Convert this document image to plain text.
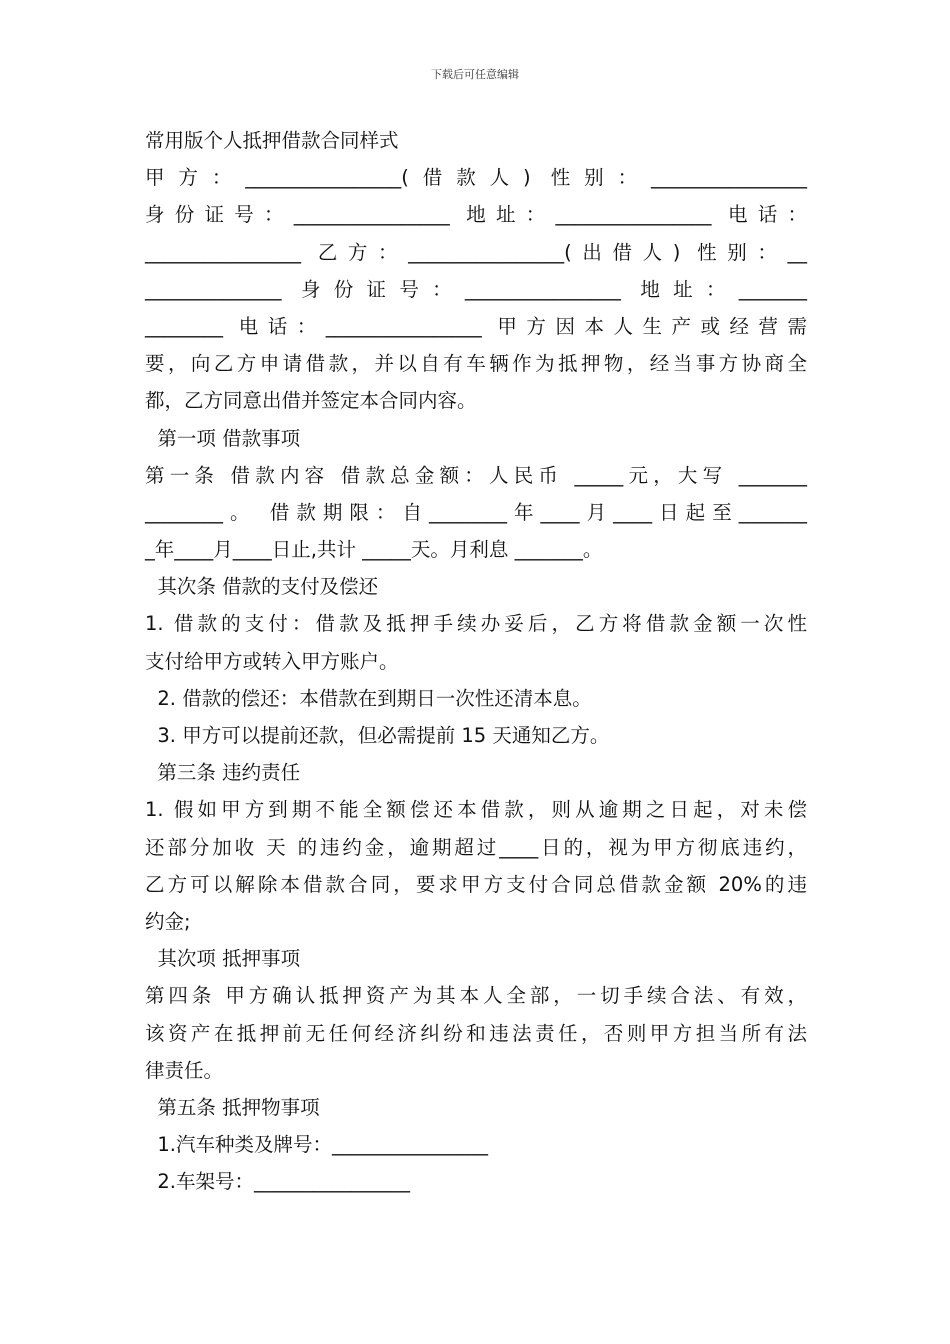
下载后可任意编辑
常用版个人抵押借款合同样式
甲方：________________(借款人) 性别：________________
身份证号：________________ 地址：________________ 电话：
________________ 乙方：________________(出借人) 性别：__
______________ 身份证号：________________ 地址：_______
________ 电话：________________ 甲方因本人生产或经营需
要，向乙方申请借款，并以自有车辆作为抵押物，经当事方协商全
都，乙方同意出借并签定本合同内容。
第一项 借款事项
第一条 借款内容 借款总金额：人民币 _____元，大写 _______
________。 借款期限：自________年____月____日起至_______
_年____月____日止,共计 _____天。月利息 _______。
其次条 借款的支付及偿还
1. 借款的支付：借款及抵押手续办妥后，乙方将借款金额一次性
支付给甲方或转入甲方账户。
2. 借款的偿还：本借款在到期日一次性还清本息。
3. 甲方可以提前还款，但必需提前 15 天通知乙方。
第三条 违约责任
1. 假如甲方到期不能全额偿还本借款，则从逾期之日起，对未偿
还部分加收 天 的违约金，逾期超过____日的，视为甲方彻底违约，
乙方可以解除本借款合同，要求甲方支付合同总借款金额 20%的违
约金;
其次项 抵押事项
第四条 甲方确认抵押资产为其本人全部，一切手续合法、有效，
该资产在抵押前无任何经济纠纷和违法责任，否则甲方担当所有法
律责任。
第五条 抵押物事项
1.汽车种类及牌号：________________
2.车架号：________________
